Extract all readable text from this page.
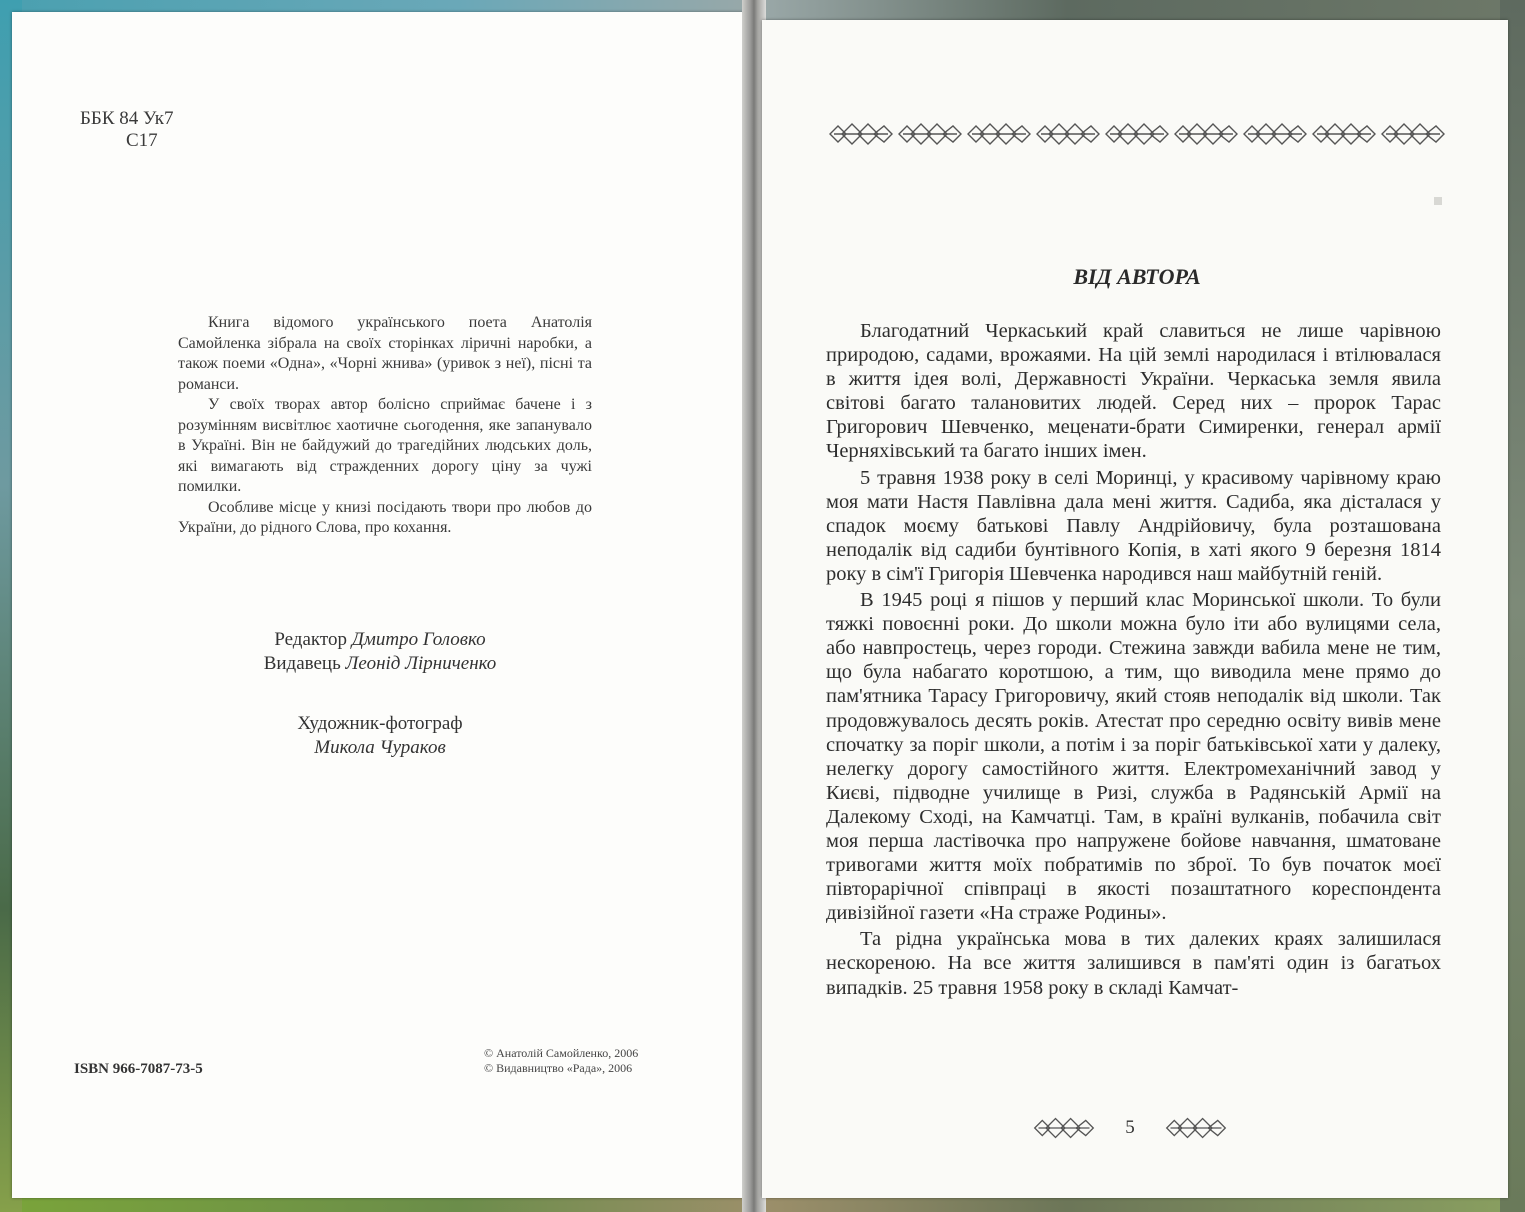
ББК 84 Ук7
С17

Книга відомого українського поета Анатолія Самойленка зібрала на своїх сторінках ліричні наробки, а також поеми «Одна», «Чорні жнива» (уривок з неї), пісні та романси.

У своїх творах автор болісно сприймає бачене і з розумінням висвітлює хаотичне сьогодення, яке запанувало в Україні. Він не байдужий до трагедійних людських доль, які вимагають від стражденних дорогу ціну за чужі помилки.

Особливе місце у книзі посідають твори про любов до України, до рідного Слова, про кохання.

Редактор Дмитро Головко
Видавець Леонід Лірниченко
Художник-фотограф
Микола Чураков
ISBN 966-7087-73-5
© Анатолій Самойленко, 2006
© Видавництво «Рада», 2006
ВІД АВТОРА

Благодатний Черкаський край славиться не лише чарівною природою, садами, врожаями. На цій землі народилася і втілювалася в життя ідея волі, Державності України. Черкаська земля явила світові багато талановитих людей. Серед них – пророк Тарас Григорович Шевченко, меценати-брати Симиренки, генерал армії Черняхівський та багато інших імен.

5 травня 1938 року в селі Моринці, у красивому чарівному краю моя мати Настя Павлівна дала мені життя. Садиба, яка дісталася у спадок моєму батькові Павлу Андрійовичу, була розташована неподалік від садиби бунтівного Копія, в хаті якого 9 березня 1814 року в сім'ї Григорія Шевченка народився наш майбутній геній.

В 1945 році я пішов у перший клас Моринської школи. То були тяжкі повоєнні роки. До школи можна було іти або вулицями села, або навпростець, через городи. Стежина завжди вабила мене не тим, що була набагато коротшою, а тим, що виводила мене прямо до пам'ятника Тарасу Григоровичу, який стояв неподалік від школи. Так продовжувалось десять років. Атестат про середню освіту вивів мене спочатку за поріг школи, а потім і за поріг батьківської хати у далеку, нелегку дорогу самостійного життя. Електромеханічний завод у Києві, підводне училище в Ризі, служба в Радянській Армії на Далекому Сході, на Камчатці. Там, в країні вулканів, побачила світ моя перша ластівочка про напружене бойове навчання, шматоване тривогами життя моїх побратимів по зброї. То був початок моєї півторарічної співпраці в якості позаштатного кореспондента дивізійної газети «На страже Родины».

Та рідна українська мова в тих далеких краях залишилася нескореною. На все життя залишився в пам'яті один із багатьох випадків. 25 травня 1958 року в складі Камчат-

5
